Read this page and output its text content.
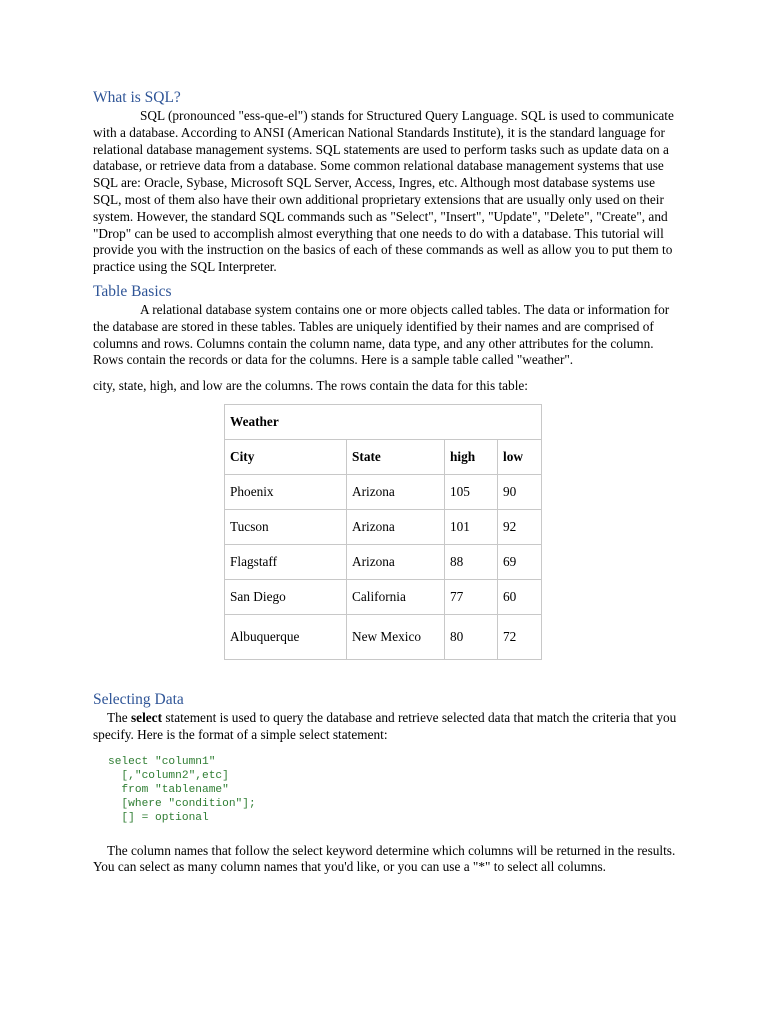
What is SQL?

SQL (pronounced "ess-que-el") stands for Structured Query Language. SQL is used to communicate with a database. According to ANSI (American National Standards Institute), it is the standard language for relational database management systems. SQL statements are used to perform tasks such as update data on a database, or retrieve data from a database. Some common relational database management systems that use SQL are: Oracle, Sybase, Microsoft SQL Server, Access, Ingres, etc. Although most database systems use SQL, most of them also have their own additional proprietary extensions that are usually only used on their system. However, the standard SQL commands such as "Select", "Insert", "Update", "Delete", "Create", and "Drop" can be used to accomplish almost everything that one needs to do with a database. This tutorial will provide you with the instruction on the basics of each of these commands as well as allow you to put them to practice using the SQL Interpreter.

Table Basics

A relational database system contains one or more objects called tables. The data or information for the database are stored in these tables. Tables are uniquely identified by their names and are comprised of columns and rows. Columns contain the column name, data type, and any other attributes for the column. Rows contain the records or data for the columns. Here is a sample table called "weather".

city, state, high, and low are the columns. The rows contain the data for this table:

Weather			
City	State	high	low
Phoenix	Arizona	105	90
Tucson	Arizona	101	92
Flagstaff	Arizona	88	69
San Diego	California	77	60
Albuquerque	New Mexico	80	72
Selecting Data

The select statement is used to query the database and retrieve selected data that match the criteria that you specify. Here is the format of a simple select statement:

select "column1"
[,"column2",etc]
from "tablename"
[where "condition"];
[] = optional

The column names that follow the select keyword determine which columns will be returned in the results. You can select as many column names that you'd like, or you can use a "*" to select all columns.
